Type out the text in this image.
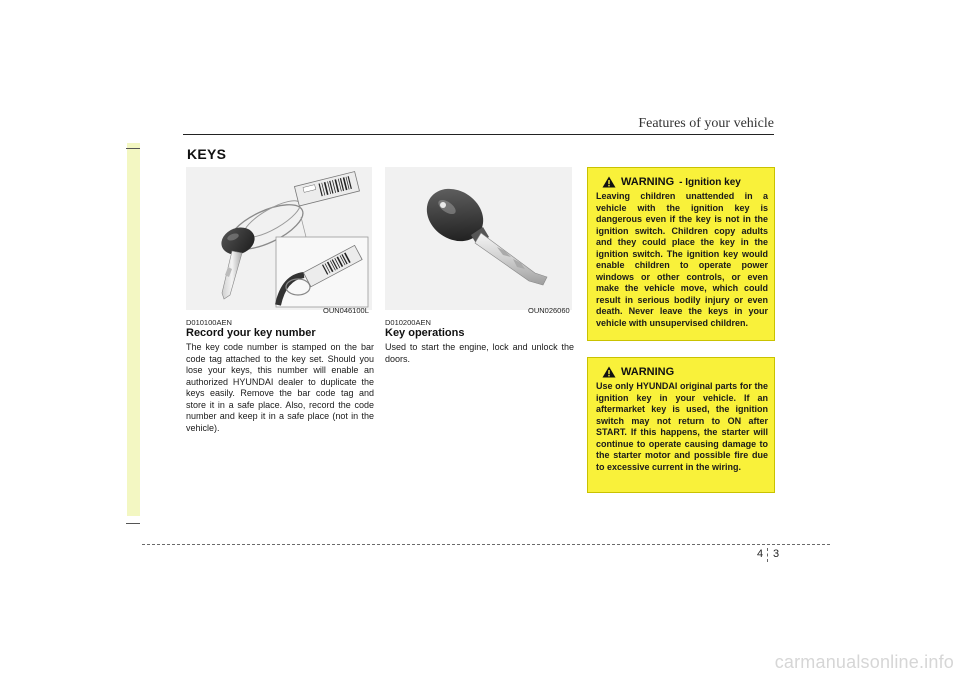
Features of your vehicle
KEYS
OUN046100L
D010100AEN
Record your key number
The key code number is stamped on the bar code tag attached to the key set. Should you lose your keys, this number will enable an authorized HYUNDAI dealer to duplicate the keys easily. Remove the bar code tag and store it in a safe place. Also, record the code number and keep it in a safe place (not in the vehicle).
OUN026060
D010200AEN
Key operations
Used to start the engine, lock and unlock the doors.
WARNING - Ignition key
Leaving children unattended in a vehicle with the ignition key is dangerous even if the key is not in the ignition switch. Children copy adults and they could place the key in the ignition switch. The ignition key would enable children to operate power windows or other controls, or even make the vehicle move, which could result in serious bodily injury or even death. Never leave the keys in your vehicle with unsupervised children.
WARNING
Use only HYUNDAI original parts for the ignition key in your vehicle. If an aftermarket key is used, the ignition switch may not return to ON after START. If this happens, the starter will continue to operate causing damage to the starter motor and possible fire due to excessive current in the wiring.
4 3
carmanualsonline.info
